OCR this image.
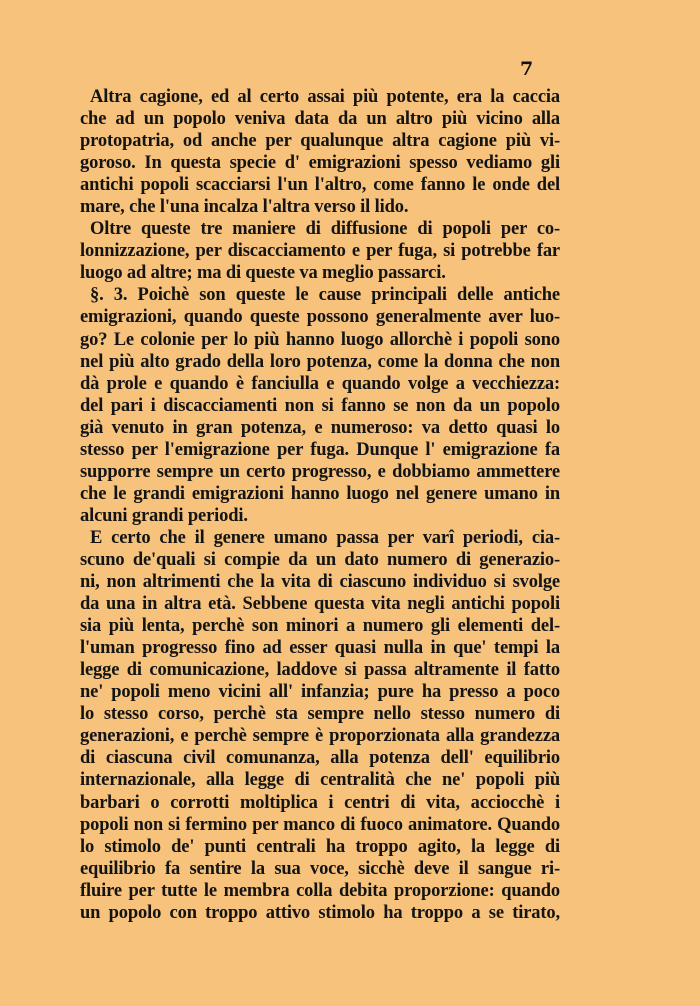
7
Altra cagione, ed al certo assai più potente, era la caccia
che ad un popolo veniva data da un altro più vicino alla
protopatria, od anche per qualunque altra cagione più vi-
goroso. In questa specie d' emigrazioni spesso vediamo gli
antichi popoli scacciarsi l'un l'altro, come fanno le onde del
mare, che l'una incalza l'altra verso il lido.
Oltre queste tre maniere di diffusione di popoli per co-
lonnizzazione, per discacciamento e per fuga, si potrebbe far
luogo ad altre; ma di queste va meglio passarci.
§. 3. Poichè son queste le cause principali delle antiche
emigrazioni, quando queste possono generalmente aver luo-
go? Le colonie per lo più hanno luogo allorchè i popoli sono
nel più alto grado della loro potenza, come la donna che non
dà prole e quando è fanciulla e quando volge a vecchiezza:
del pari i discacciamenti non si fanno se non da un popolo
già venuto in gran potenza, e numeroso: va detto quasi lo
stesso per l'emigrazione per fuga. Dunque l' emigrazione fa
supporre sempre un certo progresso, e dobbiamo ammettere
che le grandi emigrazioni hanno luogo nel genere umano in
alcuni grandi periodi.
E certo che il genere umano passa per varî periodi, cia-
scuno de'quali si compie da un dato numero di generazio-
ni, non altrimenti che la vita di ciascuno individuo si svolge
da una in altra età. Sebbene questa vita negli antichi popoli
sia più lenta, perchè son minori a numero gli elementi del-
l'uman progresso fino ad esser quasi nulla in que' tempi la
legge di comunicazione, laddove si passa altramente il fatto
ne' popoli meno vicini all' infanzia; pure ha presso a poco
lo stesso corso, perchè sta sempre nello stesso numero di
generazioni, e perchè sempre è proporzionata alla grandezza
di ciascuna civil comunanza, alla potenza dell' equilibrio
internazionale, alla legge di centralità che ne' popoli più
barbari o corrotti moltiplica i centri di vita, acciocchè i
popoli non si fermino per manco di fuoco animatore. Quando
lo stimolo de' punti centrali ha troppo agito, la legge di
equilibrio fa sentire la sua voce, sicchè deve il sangue ri-
fluire per tutte le membra colla debita proporzione: quando
un popolo con troppo attivo stimolo ha troppo a se tirato,
